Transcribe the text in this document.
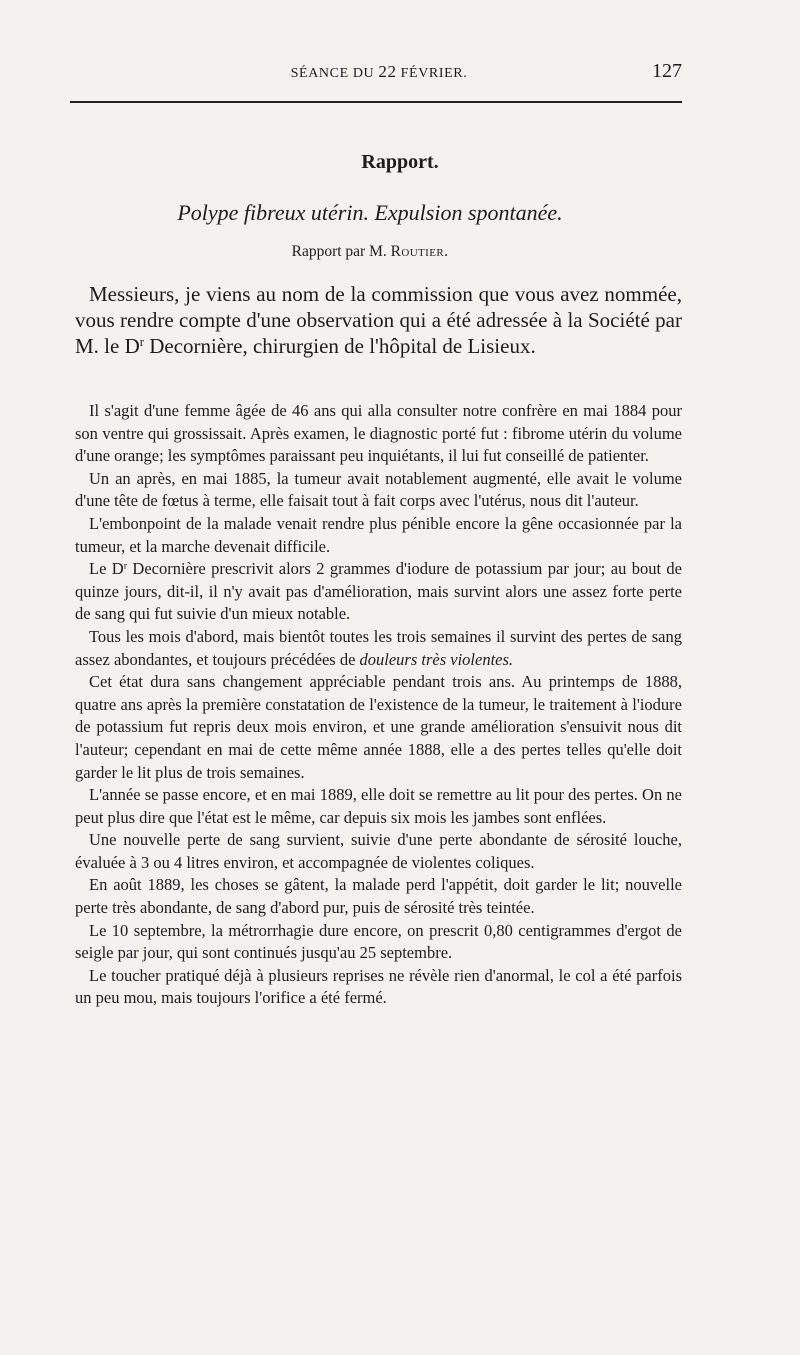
SÉANCE DU 22 FÉVRIER.	127
Rapport.
Polype fibreux utérin. Expulsion spontanée.
Rapport par M. Routier.
Messieurs, je viens au nom de la commission que vous avez nommée, vous rendre compte d'une observation qui a été adressée à la Société par M. le $D^r$ Decornière, chirurgien de l'hôpital de Lisieux.

Il s'agit d'une femme âgée de 46 ans qui alla consulter notre confrère en mai 1884 pour son ventre qui grossissait. Après examen, le diagnostic porté fut : fibrome utérin du volume d'une orange; les symptômes paraissant peu inquiétants, il lui fut conseillé de patienter.

Un an après, en mai 1885, la tumeur avait notablement augmenté, elle avait le volume d'une tête de fœtus à terme, elle faisait tout à fait corps avec l'utérus, nous dit l'auteur.

L'embonpoint de la malade venait rendre plus pénible encore la gêne occasionnée par la tumeur, et la marche devenait difficile.

Le $D^r$ Decornière prescrivit alors 2 grammes d'iodure de potassium par jour; au bout de quinze jours, dit-il, il n'y avait pas d'amélioration, mais survint alors une assez forte perte de sang qui fut suivie d'un mieux notable.

Tous les mois d'abord, mais bientôt toutes les trois semaines il survint des pertes de sang assez abondantes, et toujours précédées de douleurs très violentes.

Cet état dura sans changement appréciable pendant trois ans. Au printemps de 1888, quatre ans après la première constatation de l'existence de la tumeur, le traitement à l'iodure de potassium fut repris deux mois environ, et une grande amélioration s'ensuivit nous dit l'auteur; cependant en mai de cette même année 1888, elle a des pertes telles qu'elle doit garder le lit plus de trois semaines.

L'année se passe encore, et en mai 1889, elle doit se remettre au lit pour des pertes. On ne peut plus dire que l'état est le même, car depuis six mois les jambes sont enflées.

Une nouvelle perte de sang survient, suivie d'une perte abondante de sérosité louche, évaluée à 3 ou 4 litres environ, et accompagnée de violentes coliques.

En août 1889, les choses se gâtent, la malade perd l'appétit, doit garder le lit; nouvelle perte très abondante, de sang d'abord pur, puis de sérosité très teintée.

Le 10 septembre, la métrorrhagie dure encore, on prescrit 0,80 centigrammes d'ergot de seigle par jour, qui sont continués jusqu'au 25 septembre.

Le toucher pratiqué déjà à plusieurs reprises ne révèle rien d'anormal, le col a été parfois un peu mou, mais toujours l'orifice a été fermé.
